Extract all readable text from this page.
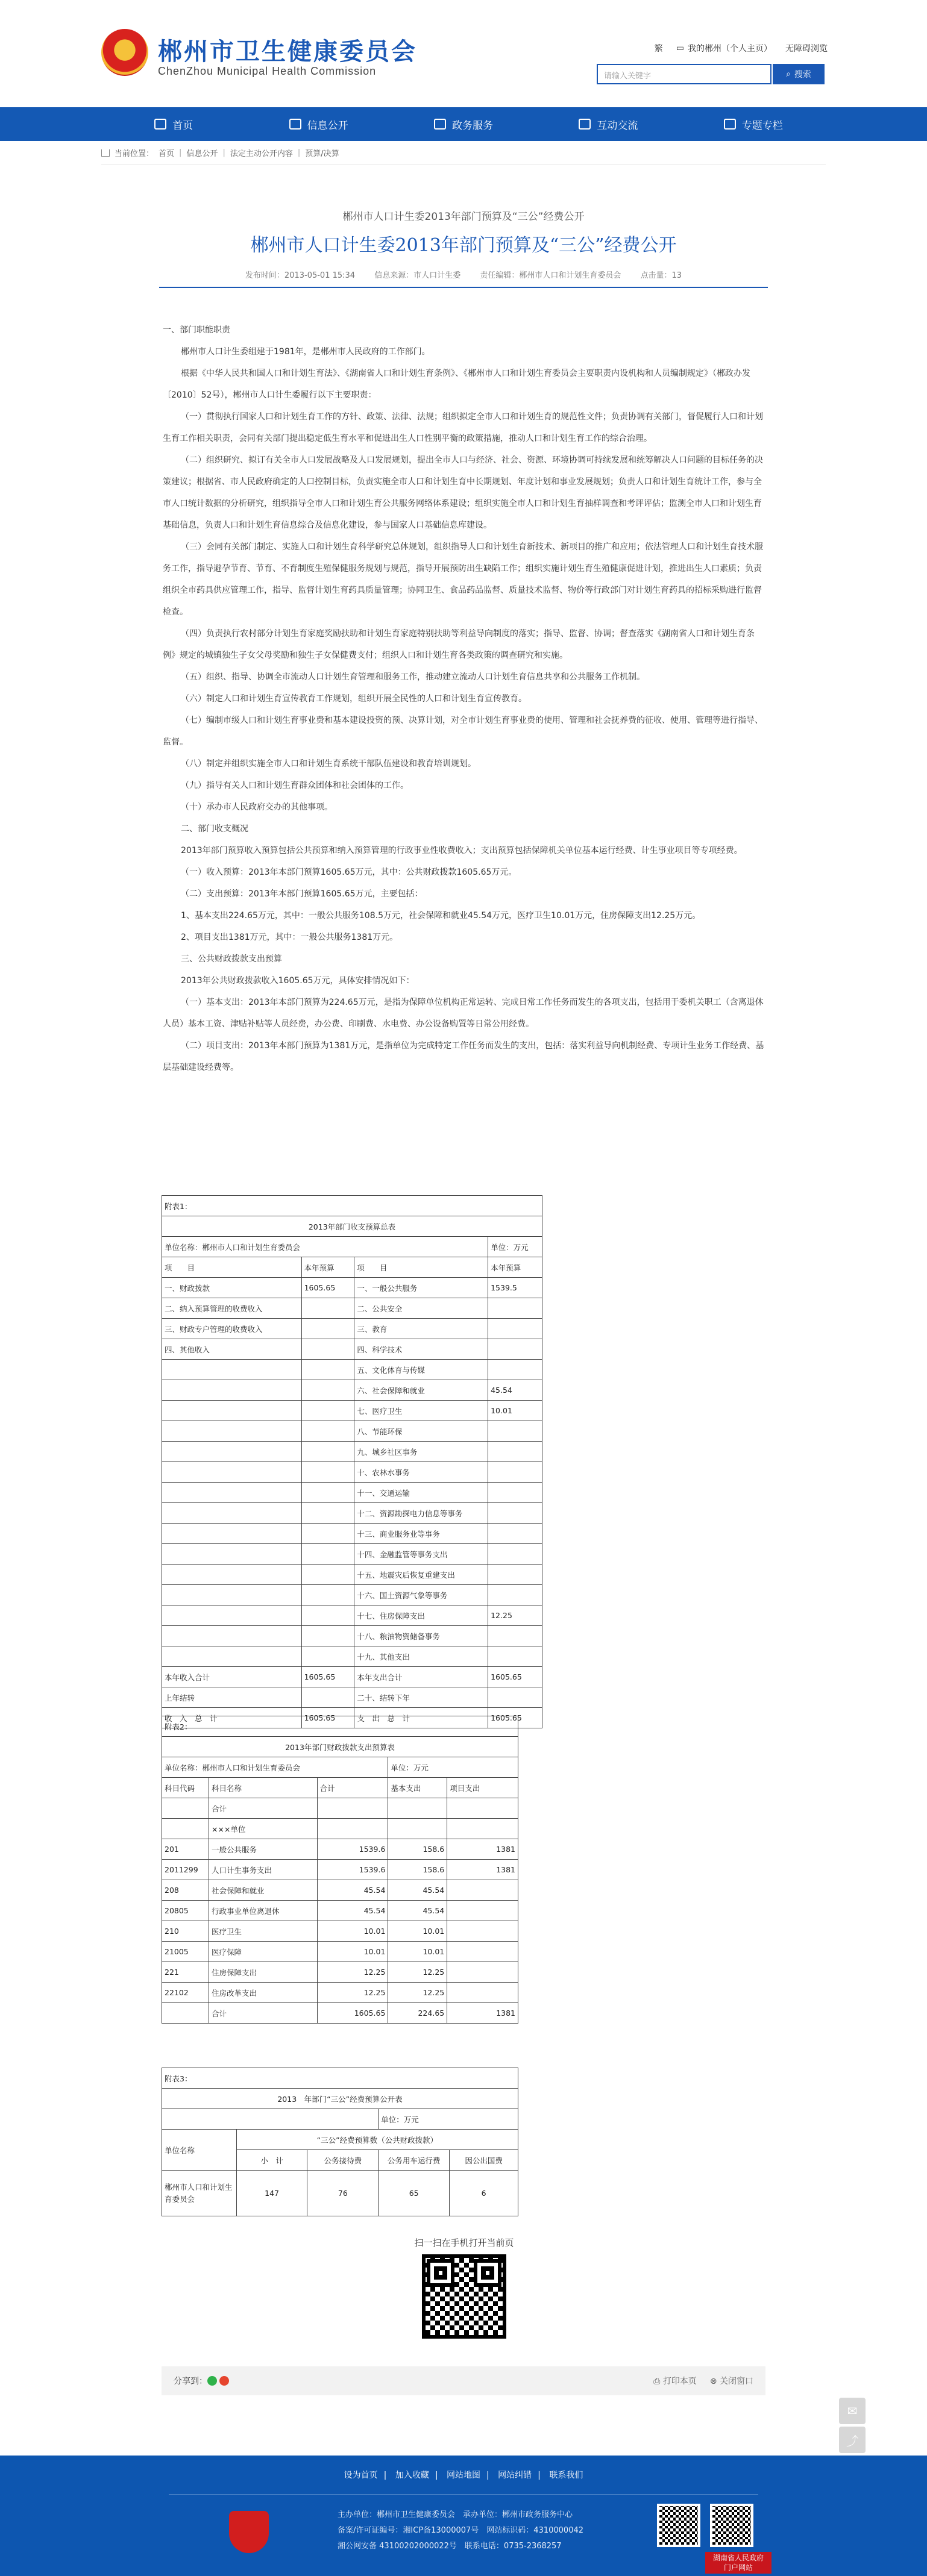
郴州市卫生健康委员会
ChenZhou Municipal Health Commission
繁 ▭ 我的郴州（个人主页） 无障碍浏览
请输入关键字	⌕ 搜索
首页	信息公开	政务服务	互动交流	专题专栏
当前位置： 首页 | 信息公开 | 法定主动公开内容 | 预算/决算
郴州市人口计生委2013年部门预算及“三公”经费公开
郴州市人口计生委2013年部门预算及“三公”经费公开
发布时间：2013-05-01 15:34 信息来源：市人口计生委 责任编辑：郴州市人口和计划生育委员会 点击量：13

一、部门职能职责

郴州市人口计生委组建于1981年，是郴州市人民政府的工作部门。

根据《中华人民共和国人口和计划生育法》、《湖南省人口和计划生育条例》、《郴州市人口和计划生育委员会主要职责内设机构和人员编制规定》（郴政办发〔2010〕52号），郴州市人口计生委履行以下主要职责：

（一）贯彻执行国家人口和计划生育工作的方针、政策、法律、法规；组织拟定全市人口和计划生育的规范性文件；负责协调有关部门，督促履行人口和计划生育工作相关职责，会同有关部门提出稳定低生育水平和促进出生人口性别平衡的政策措施，推动人口和计划生育工作的综合治理。

（二）组织研究、拟订有关全市人口发展战略及人口发展规划，提出全市人口与经济、社会、资源、环境协调可持续发展和统筹解决人口问题的目标任务的决策建议；根据省、市人民政府确定的人口控制目标，负责实施全市人口和计划生育中长期规划、年度计划和事业发展规划；负责人口和计划生育统计工作，参与全市人口统计数据的分析研究，组织指导全市人口和计划生育公共服务网络体系建设；组织实施全市人口和计划生育抽样调查和考评评估；监测全市人口和计划生育基础信息，负责人口和计划生育信息综合及信息化建设，参与国家人口基础信息库建设。

（三）会同有关部门制定、实施人口和计划生育科学研究总体规划，组织指导人口和计划生育新技术、新项目的推广和应用；依法管理人口和计划生育技术服务工作，指导避孕节育、节育、不育制度生殖保健服务规划与规范，指导开展预防出生缺陷工作；组织实施计划生育生殖健康促进计划，推进出生人口素质；负责组织全市药具供应管理工作，指导、监督计划生育药具质量管理；协同卫生、食品药品监督、质量技术监督、物价等行政部门对计划生育药具的招标采购进行监督检查。

（四）负责执行农村部分计划生育家庭奖励扶助和计划生育家庭特别扶助等利益导向制度的落实；指导、监督、协调；督查落实《湖南省人口和计划生育条例》规定的城镇独生子女父母奖励和独生子女保健费支付；组织人口和计划生育各类政策的调查研究和实施。

（五）组织、指导、协调全市流动人口计划生育管理和服务工作，推动建立流动人口计划生育信息共享和公共服务工作机制。

（六）制定人口和计划生育宣传教育工作规划，组织开展全民性的人口和计划生育宣传教育。

（七）编制市级人口和计划生育事业费和基本建设投资的预、决算计划，对全市计划生育事业费的使用、管理和社会抚养费的征收、使用、管理等进行指导、监督。

（八）制定并组织实施全市人口和计划生育系统干部队伍建设和教育培训规划。

（九）指导有关人口和计划生育群众团体和社会团体的工作。

（十）承办市人民政府交办的其他事项。

二、部门收支概况

2013年部门预算收入预算包括公共预算和纳入预算管理的行政事业性收费收入；支出预算包括保障机关单位基本运行经费、计生事业项目等专项经费。

（一）收入预算：2013年本部门预算1605.65万元，其中：公共财政拨款1605.65万元。

（二）支出预算：2013年本部门预算1605.65万元，主要包括：

1、基本支出224.65万元，其中：一般公共服务108.5万元，社会保障和就业45.54万元，医疗卫生10.01万元，住房保障支出12.25万元。

2、项目支出1381万元，其中：一般公共服务1381万元。

三、公共财政拨款支出预算

2013年公共财政拨款收入1605.65万元，具体安排情况如下：

（一）基本支出：2013年本部门预算为224.65万元，是指为保障单位机构正常运转、完成日常工作任务而发生的各项支出，包括用于委机关职工（含离退休人员）基本工资、津贴补贴等人员经费，办公费、印刷费、水电费、办公设备购置等日常公用经费。

（二）项目支出：2013年本部门预算为1381万元，是指单位为完成特定工作任务而发生的支出，包括：落实利益导向机制经费、专项计生业务工作经费、基层基础建设经费等。

附表1：			
2013年部门收支预算总表			
单位名称：郴州市人口和计划生育委员会			单位：万元
项　　目	本年预算	项　　目	本年预算
一、财政拨款	1605.65	一、一般公共服务	1539.5
二、纳入预算管理的收费收入		二、公共安全	
三、财政专户管理的收费收入		三、教育	
四、其他收入		四、科学技术	
		五、文化体育与传媒	
		六、社会保障和就业	45.54
		七、医疗卫生	10.01
		八、节能环保	
		九、城乡社区事务	
		十、农林水事务	
		十一、交通运输	
		十二、资源勘探电力信息等事务	
		十三、商业服务业等事务	
		十四、金融监管等事务支出	
		十五、地震灾后恢复重建支出	
		十六、国土资源气象等事务	
		十七、住房保障支出	12.25
		十八、粮油物资储备事务	
		十九、其他支出	
本年收入合计	1605.65	本年支出合计	1605.65
上年结转		二十、结转下年	
收　入　总　计	1605.65	支　出　总　计	1605.65
附表2：				
2013年部门财政拨款支出预算表				
单位名称：郴州市人口和计划生育委员会			单位：万元	
科目代码	科目名称	合计	基本支出	项目支出
	合计			
	×××单位			
201	一般公共服务	1539.6	158.6	1381
2011299	人口计生事务支出	1539.6	158.6	1381
208	社会保障和就业	45.54	45.54	
20805	行政事业单位离退休	45.54	45.54	
210	医疗卫生	10.01	10.01	
21005	医疗保障	10.01	10.01	
221	住房保障支出	12.25	12.25	
22102	住房改革支出	12.25	12.25	
	合计	1605.65	224.65	1381
附表3：				
2013　年部门“三公”经费预算公开表				
			单位：万元	
单位名称	“三公”经费预算数（公共财政拨款）			
	小　计	公务接待费	公务用车运行费	因公出国费
郴州市人口和计划生育委员会	147	76	65	6
扫一扫在手机打开当前页
分享到：	⎙ 打印本页 ⊗ 关闭窗口
✉
⤴
设为首页 | 加入收藏 | 网站地图 | 网站纠错 | 联系我们
主办单位：郴州市卫生健康委员会　承办单位：郴州市政务服务中心
备案/许可证编号：湘ICP备13000007号　网站标识码：4310000042
湘公网安备 43100202000022号　联系电话：0735-2368257
湖南省人民政府
门户网站
